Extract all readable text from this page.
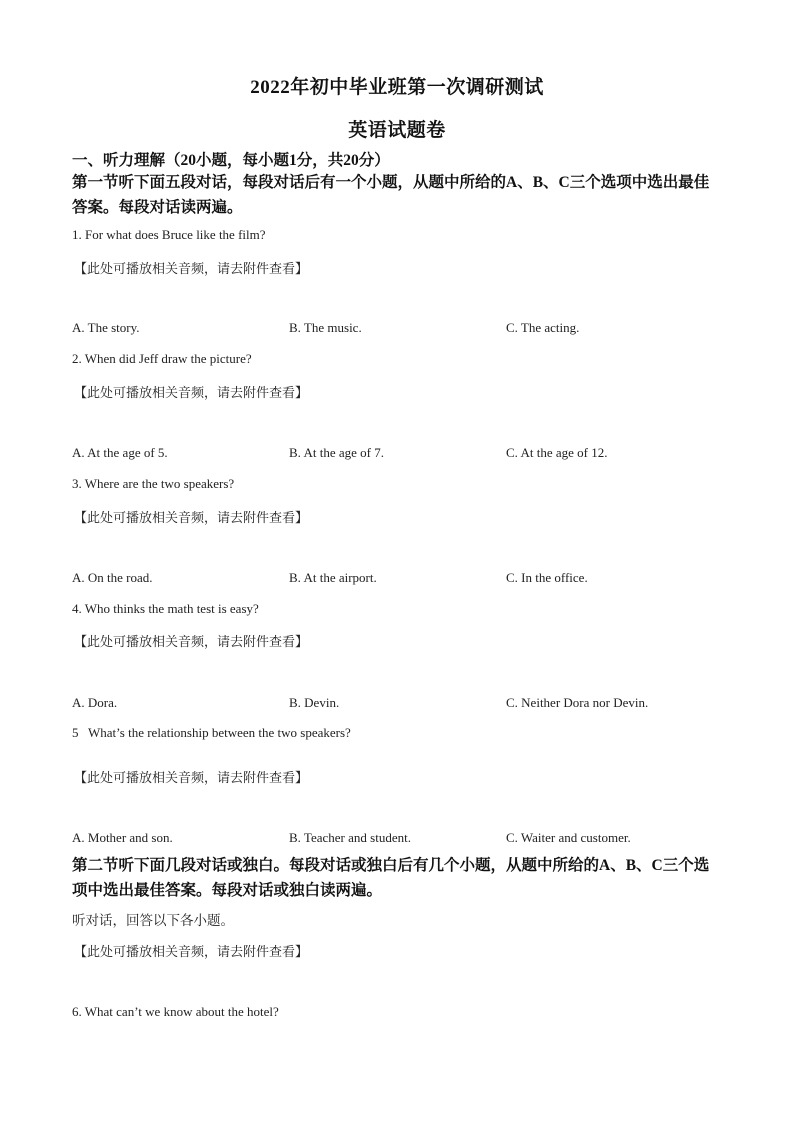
2022年初中毕业班第一次调研测试
英语试题卷
一、听力理解（20小题，每小题1分，共20分）
第一节听下面五段对话，每段对话后有一个小题，从题中所给的A、B、C三个选项中选出最佳答案。每段对话读两遍。
1. For what does Bruce like the film?
【此处可播放相关音频，请去附件查看】
A. The story.	B. The music.	C. The acting.
2. When did Jeff draw the picture?
【此处可播放相关音频，请去附件查看】
A. At the age of 5.	B. At the age of 7.	C. At the age of 12.
3. Where are the two speakers?
【此处可播放相关音频，请去附件查看】
A. On the road.	B. At the airport.	C. In the office.
4. Who thinks the math test is easy?
【此处可播放相关音频，请去附件查看】
A. Dora.	B. Devin.	C. Neither Dora nor Devin.
5   What’s the relationship between the two speakers?
【此处可播放相关音频，请去附件查看】
A. Mother and son.	B. Teacher and student.	C. Waiter and customer.
第二节听下面几段对话或独白。每段对话或独白后有几个小题，从题中所给的A、B、C三个选项中选出最佳答案。每段对话或独白读两遍。
听对话，回答以下各小题。
【此处可播放相关音频，请去附件查看】
6. What can’t we know about the hotel?
